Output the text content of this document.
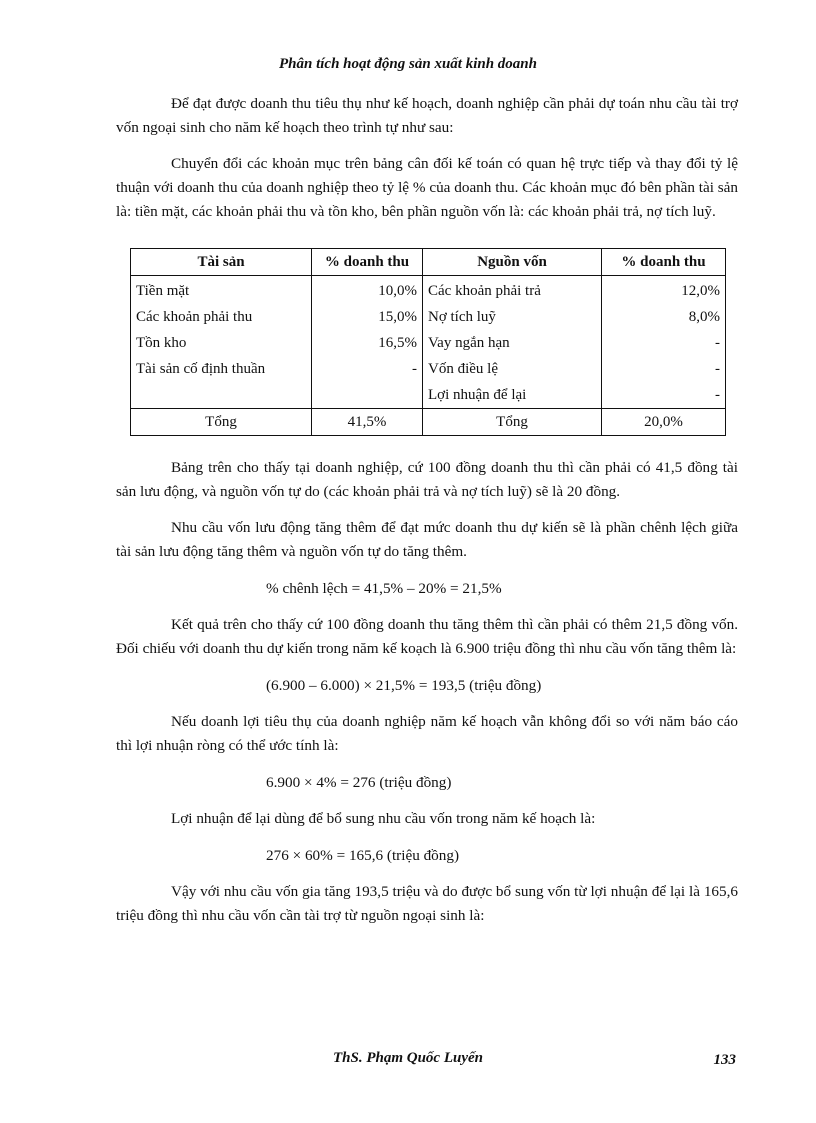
Phân tích hoạt động sản xuất kinh doanh

Để đạt được doanh thu tiêu thụ như kế hoạch, doanh nghiệp cần phải dự toán nhu cầu tài trợ vốn ngoại sinh cho năm kế hoạch theo trình tự như sau:

Chuyển đổi các khoản mục trên bảng cân đối kế toán có quan hệ trực tiếp và thay đổi tỷ lệ thuận với doanh thu của doanh nghiệp theo tỷ lệ % của doanh thu. Các khoản mục đó bên phần tài sản là: tiền mặt, các khoản phải thu và tồn kho, bên phần nguồn vốn là: các khoản phải trả, nợ tích luỹ.

Tài sản	% doanh thu	Nguồn vốn	% doanh thu
Tiền mặt	10,0%	Các khoản phải trả	12,0%
Các khoản phải thu	15,0%	Nợ tích luỹ	8,0%
Tồn kho	16,5%	Vay ngắn hạn	-
Tài sản cố định thuần	-	Vốn điều lệ	-
		Lợi nhuận để lại	-
Tổng	41,5%	Tổng	20,0%

Bảng trên cho thấy tại doanh nghiệp, cứ 100 đồng doanh thu thì cần phải có 41,5 đồng tài sản lưu động, và nguồn vốn tự do (các khoản phải trả và nợ tích luỹ) sẽ là 20 đồng.

Nhu cầu vốn lưu động tăng thêm để đạt mức doanh thu dự kiến sẽ là phần chênh lệch giữa tài sản lưu động tăng thêm và nguồn vốn tự do tăng thêm.

% chênh lệch = 41,5% – 20% = 21,5%

Kết quả trên cho thấy cứ 100 đồng doanh thu tăng thêm thì cần phải có thêm 21,5 đồng vốn. Đối chiếu với doanh thu dự kiến trong năm kế koạch là 6.900 triệu đồng thì nhu cầu vốn tăng thêm là:

(6.900 – 6.000) × 21,5% = 193,5 (triệu đồng)

Nếu doanh lợi tiêu thụ của doanh nghiệp năm kế hoạch vẫn không đổi so với năm báo cáo thì lợi nhuận ròng có thể ước tính là:

6.900 × 4% = 276 (triệu đồng)

Lợi nhuận để lại dùng để bổ sung nhu cầu vốn trong năm kế hoạch là:

276 × 60% = 165,6 (triệu đồng)

Vậy với nhu cầu vốn gia tăng 193,5 triệu và do được bổ sung vốn từ lợi nhuận để lại là 165,6 triệu đồng thì nhu cầu vốn cần tài trợ từ nguồn ngoại sinh là:

ThS. Phạm Quốc Luyến	133
